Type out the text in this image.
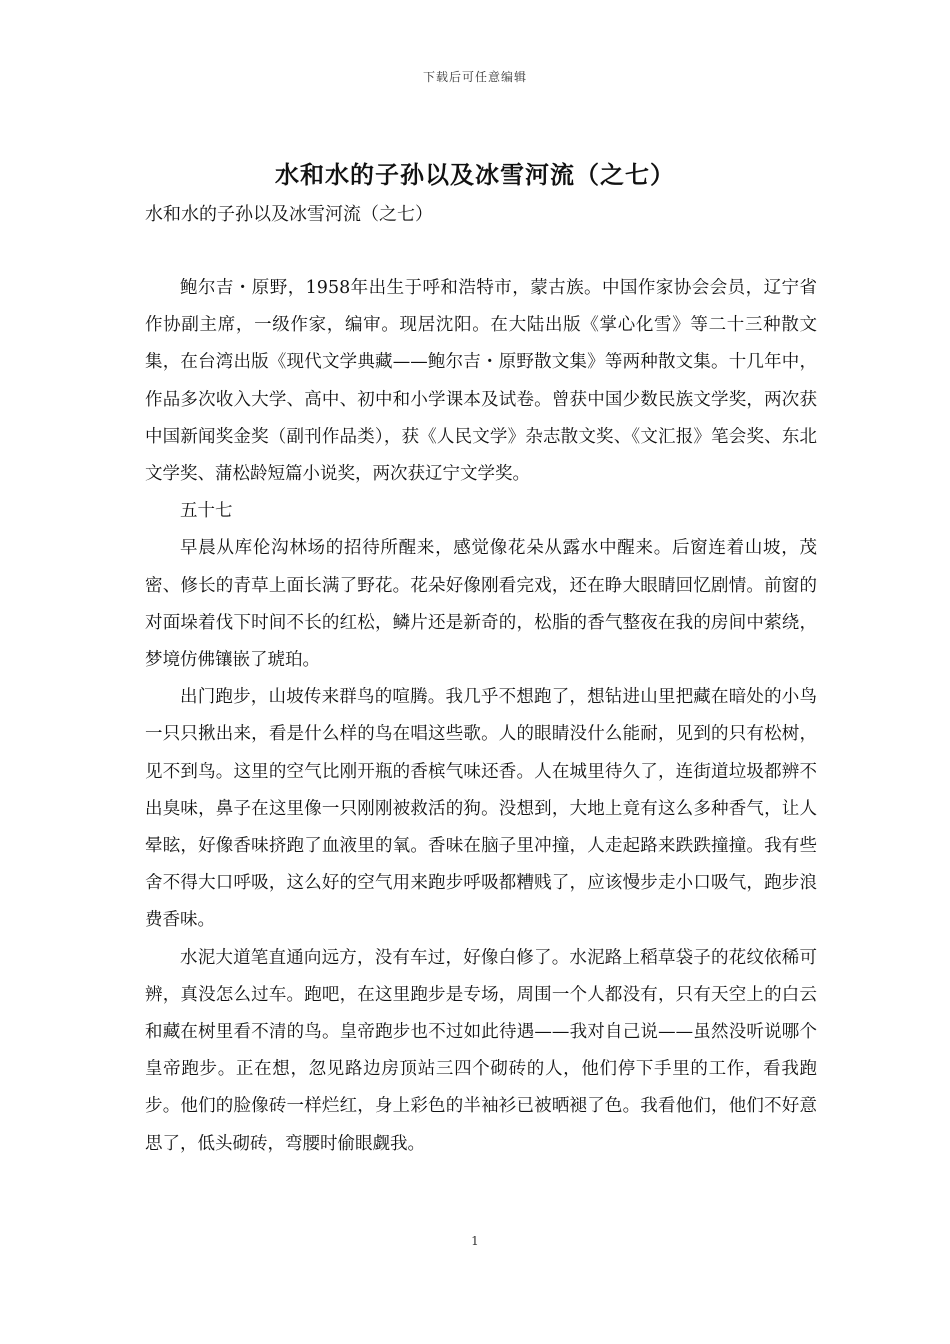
下载后可任意编辑
水和水的子孙以及冰雪河流（之七）
水和水的子孙以及冰雪河流（之七）

鲍尔吉・原野，1958年出生于呼和浩特市，蒙古族。中国作家协会会员，辽宁省作协副主席，一级作家，编审。现居沈阳。在大陆出版《掌心化雪》等二十三种散文集，在台湾出版《现代文学典藏——鲍尔吉・原野散文集》等两种散文集。十几年中，作品多次收入大学、高中、初中和小学课本及试卷。曾获中国少数民族文学奖，两次获中国新闻奖金奖（副刊作品类），获《人民文学》杂志散文奖、《文汇报》笔会奖、东北文学奖、蒲松龄短篇小说奖，两次获辽宁文学奖。

五十七

早晨从库伦沟林场的招待所醒来，感觉像花朵从露水中醒来。后窗连着山坡，茂密、修长的青草上面长满了野花。花朵好像刚看完戏，还在睁大眼睛回忆剧情。前窗的对面垛着伐下时间不长的红松，鳞片还是新奇的，松脂的香气整夜在我的房间中萦绕，梦境仿佛镶嵌了琥珀。

出门跑步，山坡传来群鸟的喧腾。我几乎不想跑了，想钻进山里把藏在暗处的小鸟一只只揪出来，看是什么样的鸟在唱这些歌。人的眼睛没什么能耐，见到的只有松树，见不到鸟。这里的空气比刚开瓶的香槟气味还香。人在城里待久了，连街道垃圾都辨不出臭味，鼻子在这里像一只刚刚被救活的狗。没想到，大地上竟有这么多种香气，让人晕眩，好像香味挤跑了血液里的氧。香味在脑子里冲撞，人走起路来跌跌撞撞。我有些舍不得大口呼吸，这么好的空气用来跑步呼吸都糟贱了，应该慢步走小口吸气，跑步浪费香味。

水泥大道笔直通向远方，没有车过，好像白修了。水泥路上稻草袋子的花纹依稀可辨，真没怎么过车。跑吧，在这里跑步是专场，周围一个人都没有，只有天空上的白云和藏在树里看不清的鸟。皇帝跑步也不过如此待遇——我对自己说——虽然没听说哪个皇帝跑步。正在想，忽见路边房顶站三四个砌砖的人，他们停下手里的工作，看我跑步。他们的脸像砖一样烂红，身上彩色的半袖衫已被晒褪了色。我看他们，他们不好意思了，低头砌砖，弯腰时偷眼觑我。

1
